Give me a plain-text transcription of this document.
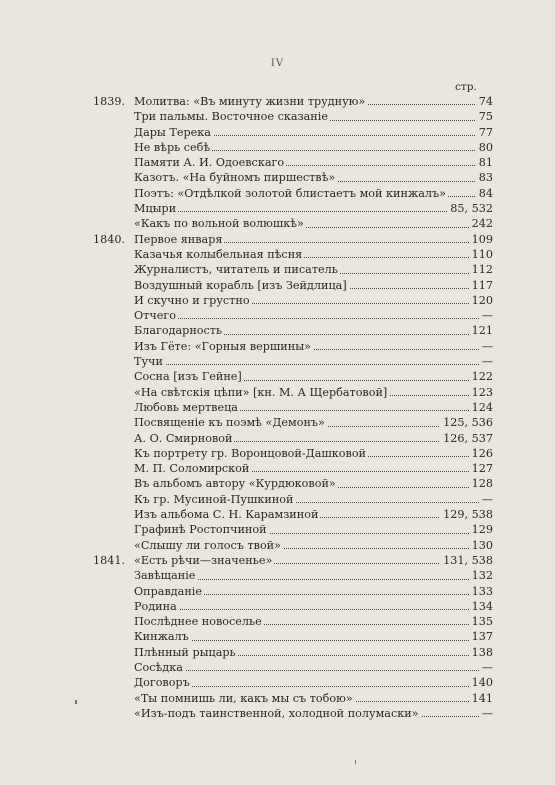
IV
стр.
1839. Молитва: «Въ минуту жизни трудную»	74
Три пальмы. Восточное сказаніе	75
Дары Терека	77
Не вѣрь себѣ	80
Памяти А. И. Одоевскаго	81
Казотъ. «На буйномъ пиршествѣ»	83
Поэтъ: «Отдѣлкой золотой блистаетъ мой кинжалъ»	84
Мцыри	85, 532
«Какъ по вольной волюшкѣ»	242
1840. Первое января	109
Казачья колыбельная пѣсня	110
Журналистъ, читатель и писатель	112
Воздушный корабль [изъ Зейдлица]	117
И скучно и грустно	120
Отчего	—
Благодарность	121
Изъ Гёте: «Горныя вершины»	—
Тучи	—
Сосна [изъ Гейне]	122
«На свѣтскія цѣпи» [кн. М. А Щербатовой]	123
Любовь мертвеца	124
Посвященіе къ поэмѣ «Демонъ»	125, 536
А. О. Смирновой	126, 537
Къ портрету гр. Воронцовой-Дашковой	126
М. П. Соломирской	127
Въ альбомъ автору «Курдюковой»	128
Къ гр. Мусиной-Пушкиной	—
Изъ альбома С. Н. Карамзиной	129, 538
Графинѣ Ростопчиной	129
«Слышу ли голосъ твой»	130
1841. «Есть рѣчи—значенье»	131, 538
Завѣщаніе	132
Оправданіе	133
Родина	134
Послѣднее новоселье	135
Кинжалъ	137
Плѣнный рыцарь	138
Сосѣдка	—
Договоръ	140
«Ты помнишь ли, какъ мы съ тобою»	141
«Изъ-подъ таинственной, холодной полумаски»	—
